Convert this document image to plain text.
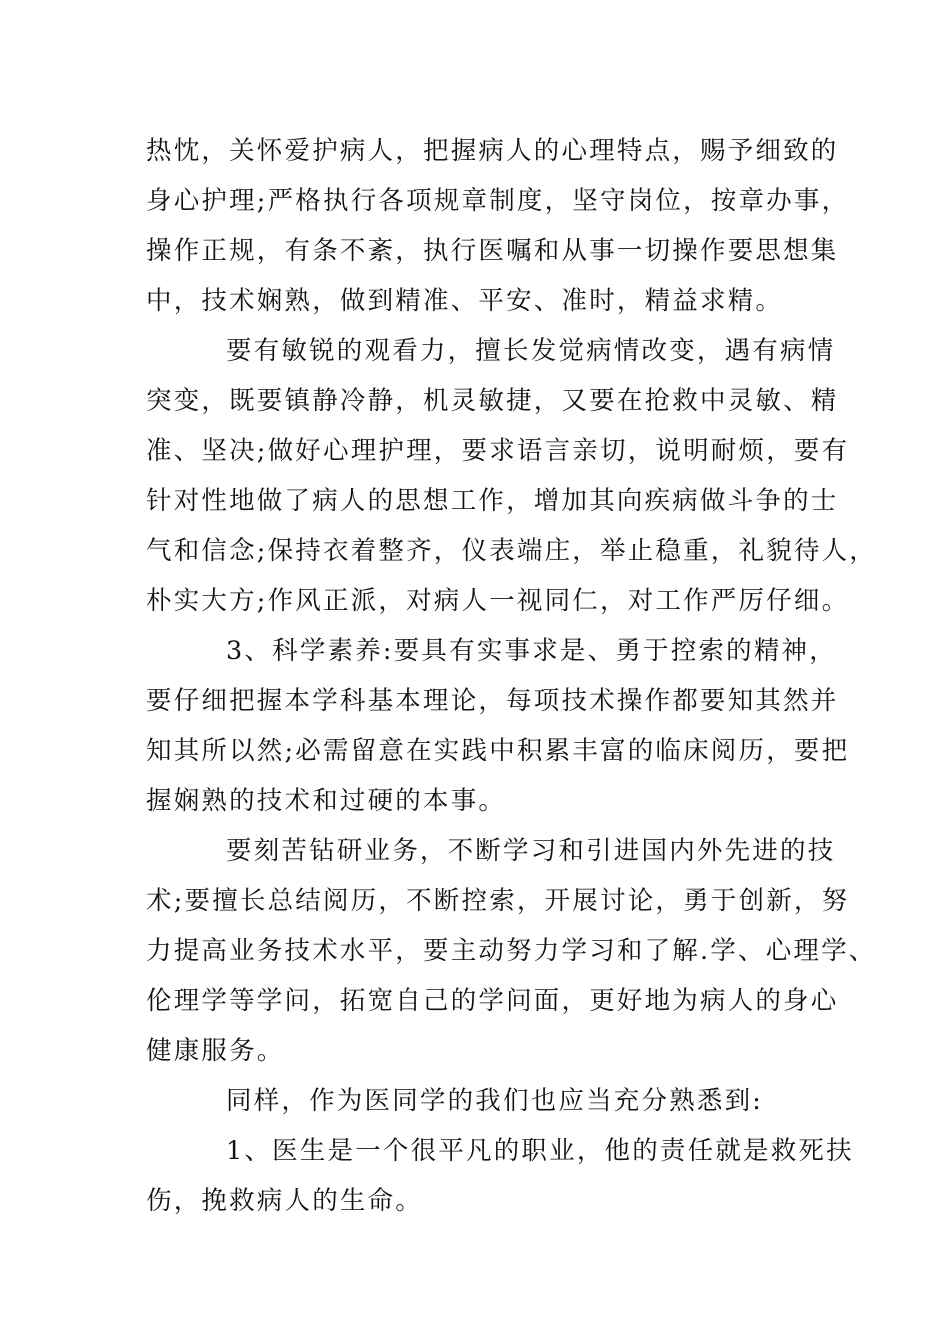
热忱，关怀爱护病人，把握病人的心理特点，赐予细致的
身心护理;严格执行各项规章制度，坚守岗位，按章办事，
操作正规，有条不紊，执行医嘱和从事一切操作要思想集
中，技术娴熟，做到精准、平安、准时，精益求精。
要有敏锐的观看力，擅长发觉病情改变，遇有病情
突变，既要镇静冷静，机灵敏捷，又要在抢救中灵敏、精
准、坚决;做好心理护理，要求语言亲切，说明耐烦，要有
针对性地做了病人的思想工作，增加其向疾病做斗争的士
气和信念;保持衣着整齐，仪表端庄，举止稳重，礼貌待人，
朴实大方;作风正派，对病人一视同仁，对工作严厉仔细。
3、科学素养:要具有实事求是、勇于控索的精神，
要仔细把握本学科基本理论，每项技术操作都要知其然并
知其所以然;必需留意在实践中积累丰富的临床阅历，要把
握娴熟的技术和过硬的本事。
要刻苦钻研业务，不断学习和引进国内外先进的技
术;要擅长总结阅历，不断控索，开展讨论，勇于创新，努
力提高业务技术水平，要主动努力学习和了解.学、心理学、
伦理学等学问，拓宽自己的学问面，更好地为病人的身心
健康服务。
同样，作为医同学的我们也应当充分熟悉到:
1、医生是一个很平凡的职业，他的责任就是救死扶
伤，挽救病人的生命。
